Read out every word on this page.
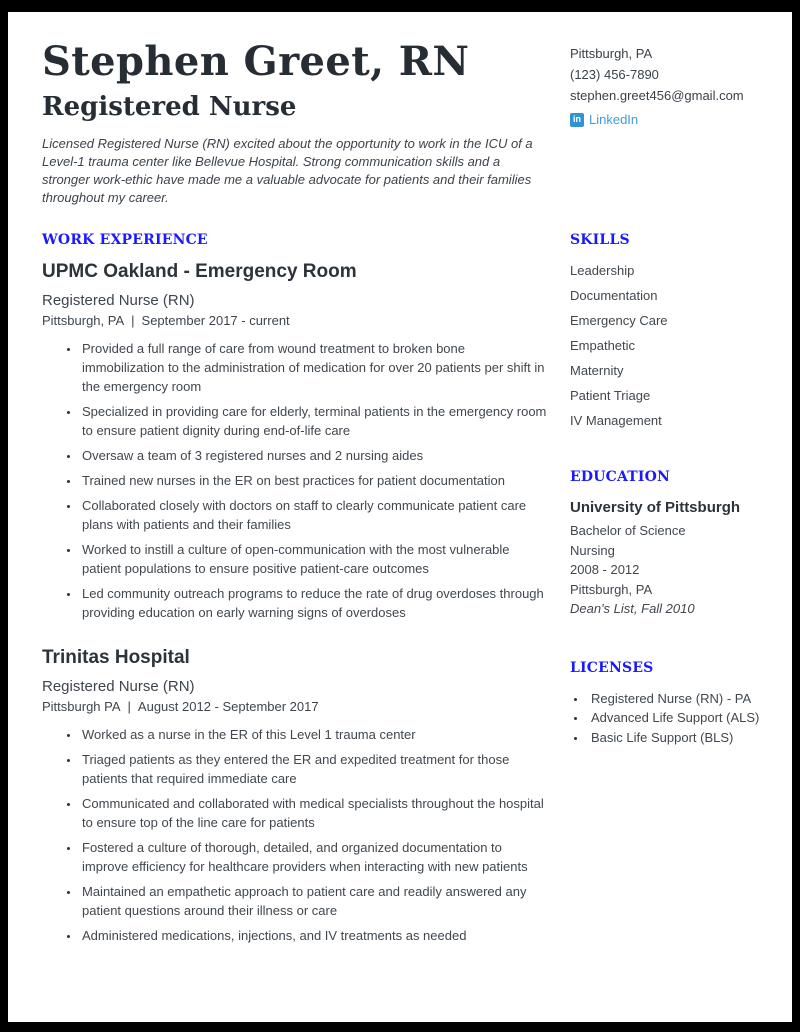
Stephen Greet, RN
Registered Nurse

Licensed Registered Nurse (RN) excited about the opportunity to work in the ICU of a Level-1 trauma center like Bellevue Hospital. Strong communication skills and a stronger work-ethic have made me a valuable advocate for patients and their families throughout my career.

Pittsburgh, PA
(123) 456-7890
stephen.greet456@gmail.com
in LinkedIn
WORK EXPERIENCE
UPMC Oakland - Emergency Room
Registered Nurse (RN)
Pittsburgh, PA | September 2017 - current
• Provided a full range of care from wound treatment to broken bone immobilization to the administration of medication for over 20 patients per shift in the emergency room
• Specialized in providing care for elderly, terminal patients in the emergency room to ensure patient dignity during end-of-life care
• Oversaw a team of 3 registered nurses and 2 nursing aides
• Trained new nurses in the ER on best practices for patient documentation
• Collaborated closely with doctors on staff to clearly communicate patient care plans with patients and their families
• Worked to instill a culture of open-communication with the most vulnerable patient populations to ensure positive patient-care outcomes
• Led community outreach programs to reduce the rate of drug overdoses through providing education on early warning signs of overdoses
Trinitas Hospital
Registered Nurse (RN)
Pittsburgh PA | August 2012 - September 2017
• Worked as a nurse in the ER of this Level 1 trauma center
• Triaged patients as they entered the ER and expedited treatment for those patients that required immediate care
• Communicated and collaborated with medical specialists throughout the hospital to ensure top of the line care for patients
• Fostered a culture of thorough, detailed, and organized documentation to improve efficiency for healthcare providers when interacting with new patients
• Maintained an empathetic approach to patient care and readily answered any patient questions around their illness or care
• Administered medications, injections, and IV treatments as needed
SKILLS
Leadership
Documentation
Emergency Care
Empathetic
Maternity
Patient Triage
IV Management
EDUCATION
University of Pittsburgh
Bachelor of Science
Nursing
2008 - 2012
Pittsburgh, PA
Dean's List, Fall 2010
LICENSES
• Registered Nurse (RN) - PA
• Advanced Life Support (ALS)
• Basic Life Support (BLS)
